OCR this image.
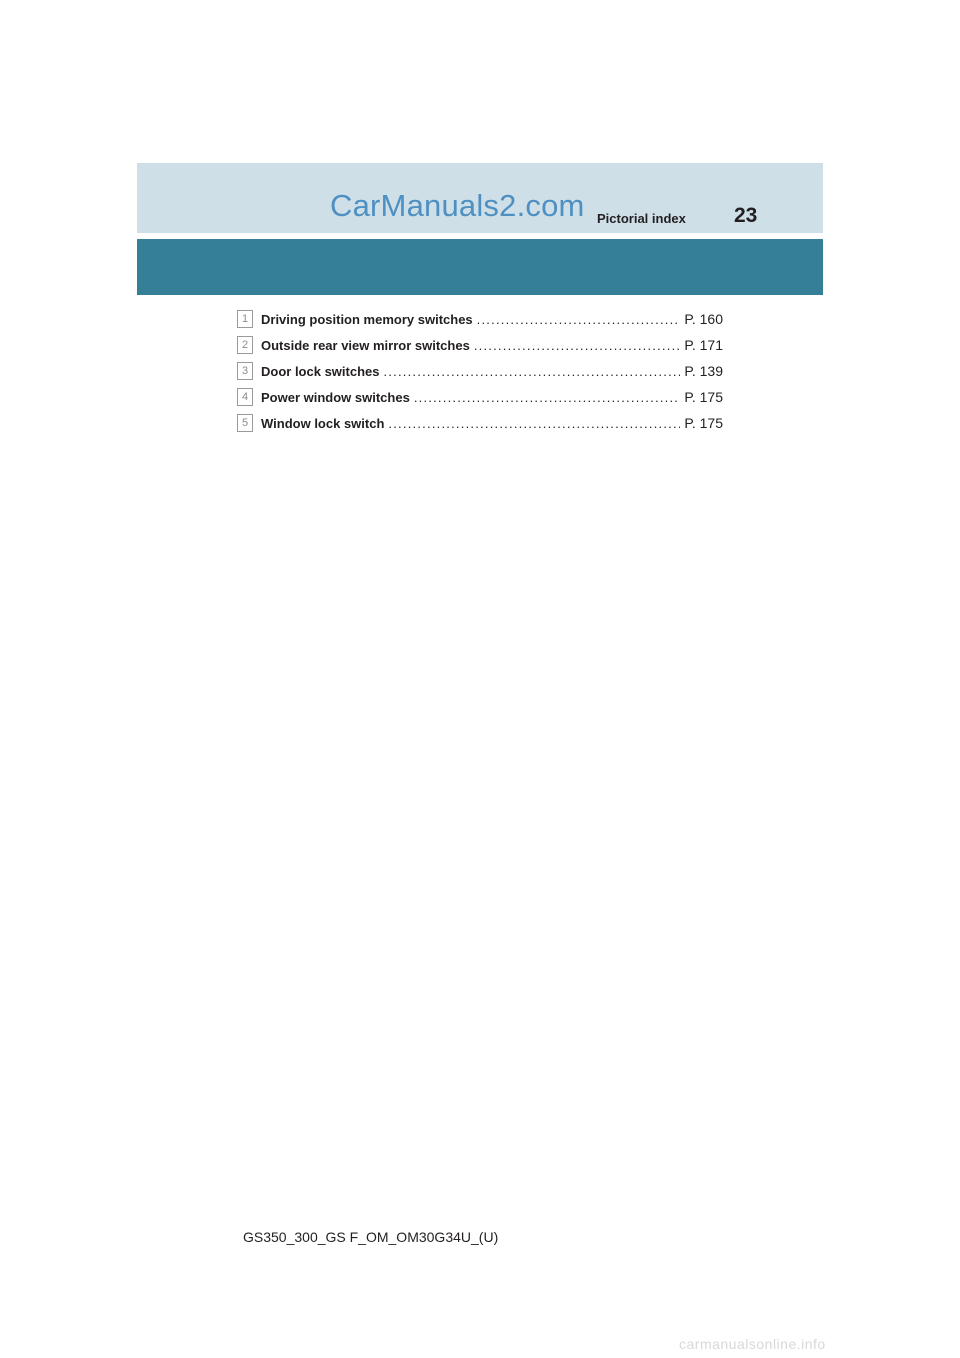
CarManuals2.com Pictorial index 23
1 Driving position memory switches . . .	P. 160
2 Outside rear view mirror switches . . .	P. 171
3 Door lock switches . . .	P. 139
4 Power window switches . . .	P. 175
5 Window lock switch . . .	P. 175
GS350_300_GS F_OM_OM30G34U_(U)
carmanualsonline.info
